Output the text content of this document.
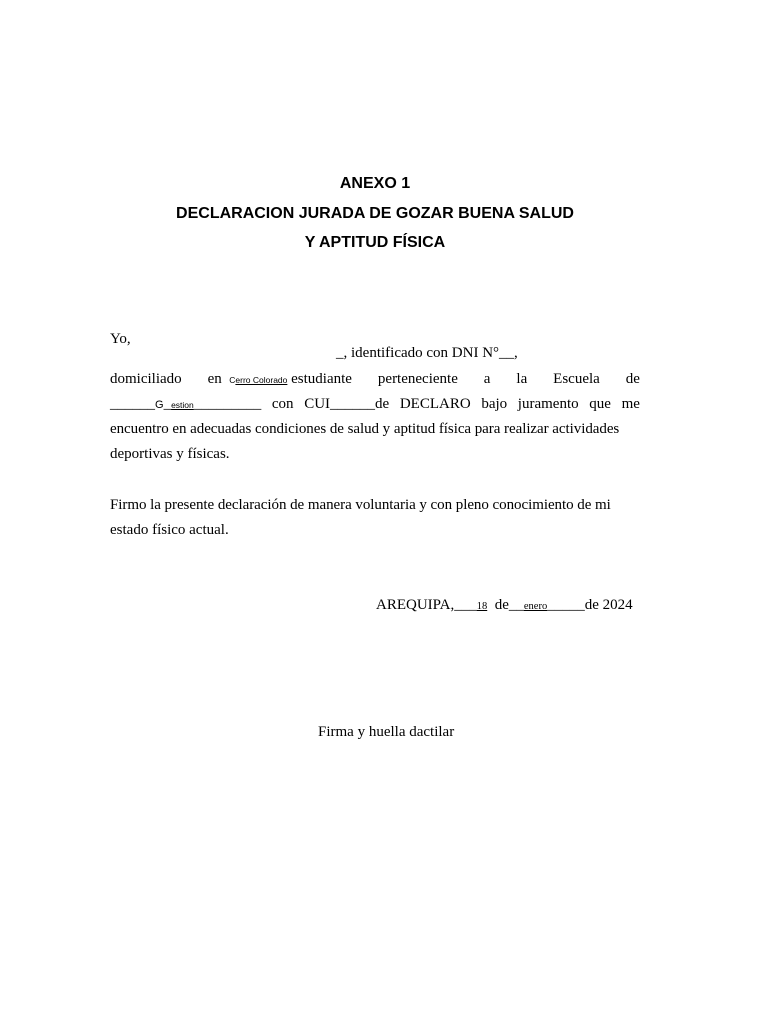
ANEXO 1
DECLARACION JURADA DE GOZAR BUENA SALUD
Y APTITUD FÍSICA
Yo,
_, identificado con DNI N°__,
domiciliado en Cerro Colorado estudiante perteneciente a la Escuela de
______G_estion_________ con CUI______de DECLARO bajo juramento que me
encuentro en adecuadas condiciones de salud y aptitud física para realizar actividades
deportivas y físicas.
Firmo la presente declaración de manera voluntaria y con pleno conocimiento de mi
estado físico actual.
AREQUIPA,___18  de__enero_____de 2024
Firma y huella dactilar
